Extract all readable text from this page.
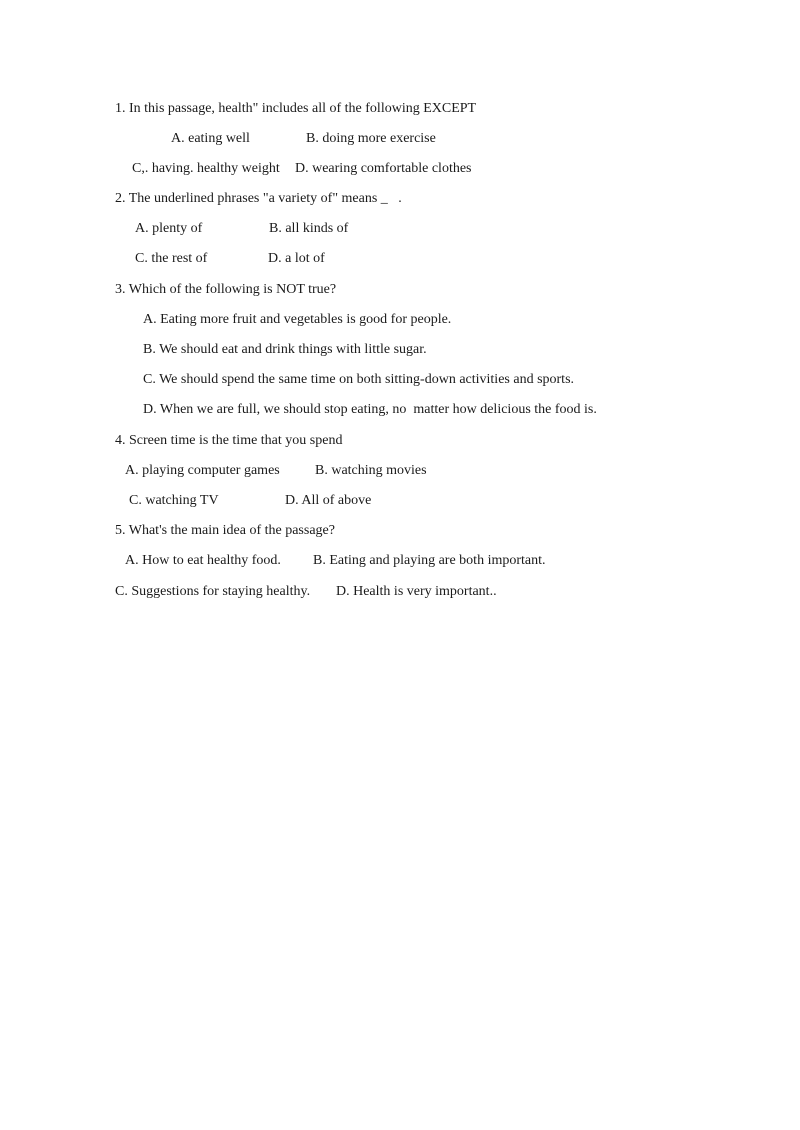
1. In this passage, health" includes all of the following EXCEPT
A. eating well	B. doing more exercise
C,. having. healthy weight D. wearing comfortable clothes
2. The underlined phrases "a variety of" means _   .
A. plenty of	B. all kinds of
C. the rest of	D. a lot of
3. Which of the following is NOT true?
A. Eating more fruit and vegetables is good for people.
B. We should eat and drink things with little sugar.
C. We should spend the same time on both sitting-down activities and sports.
D. When we are full, we should stop eating, no  matter how delicious the food is.
4. Screen time is the time that you spend
A. playing computer games	B. watching movies
C. watching TV	D. All of above
5. What's the main idea of the passage?
A. How to eat healthy food. B. Eating and playing are both important.
C. Suggestions for staying healthy. D. Health is very important..
